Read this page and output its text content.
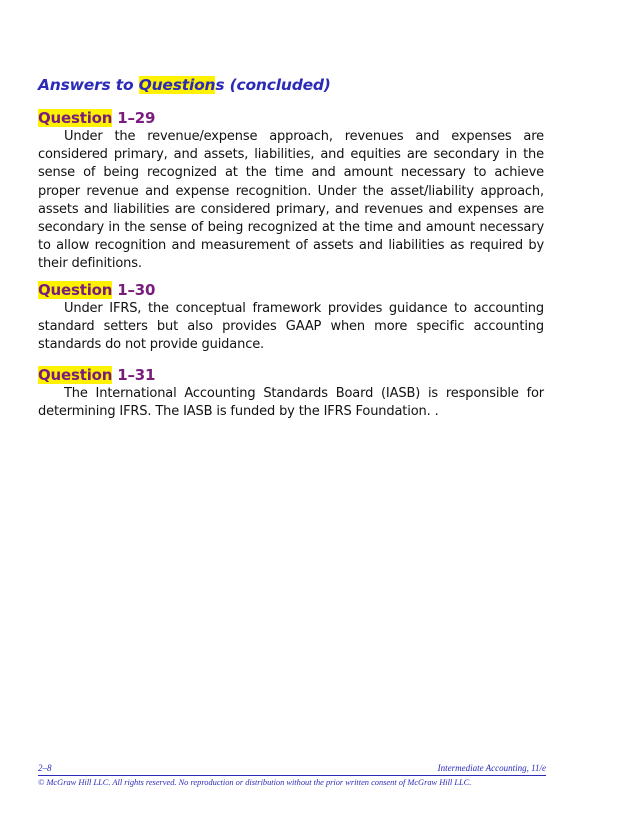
Answers to Questions (concluded)
Question 1–29

Under the revenue/expense approach, revenues and expenses are considered primary, and assets, liabilities, and equities are secondary in the sense of being recognized at the time and amount necessary to achieve proper revenue and expense recognition. Under the asset/liability approach, assets and liabilities are considered primary, and revenues and expenses are secondary in the sense of being recognized at the time and amount necessary to allow recognition and measurement of assets and liabilities as required by their definitions.

Question 1–30

Under IFRS, the conceptual framework provides guidance to accounting standard setters but also provides GAAP when more specific accounting standards do not provide guidance.

Question 1–31

The International Accounting Standards Board (IASB) is responsible for determining IFRS. The IASB is funded by the IFRS Foundation. .

2–8	Intermediate Accounting, 11/e
© McGraw Hill LLC. All rights reserved. No reproduction or distribution without the prior written consent of McGraw Hill LLC.
